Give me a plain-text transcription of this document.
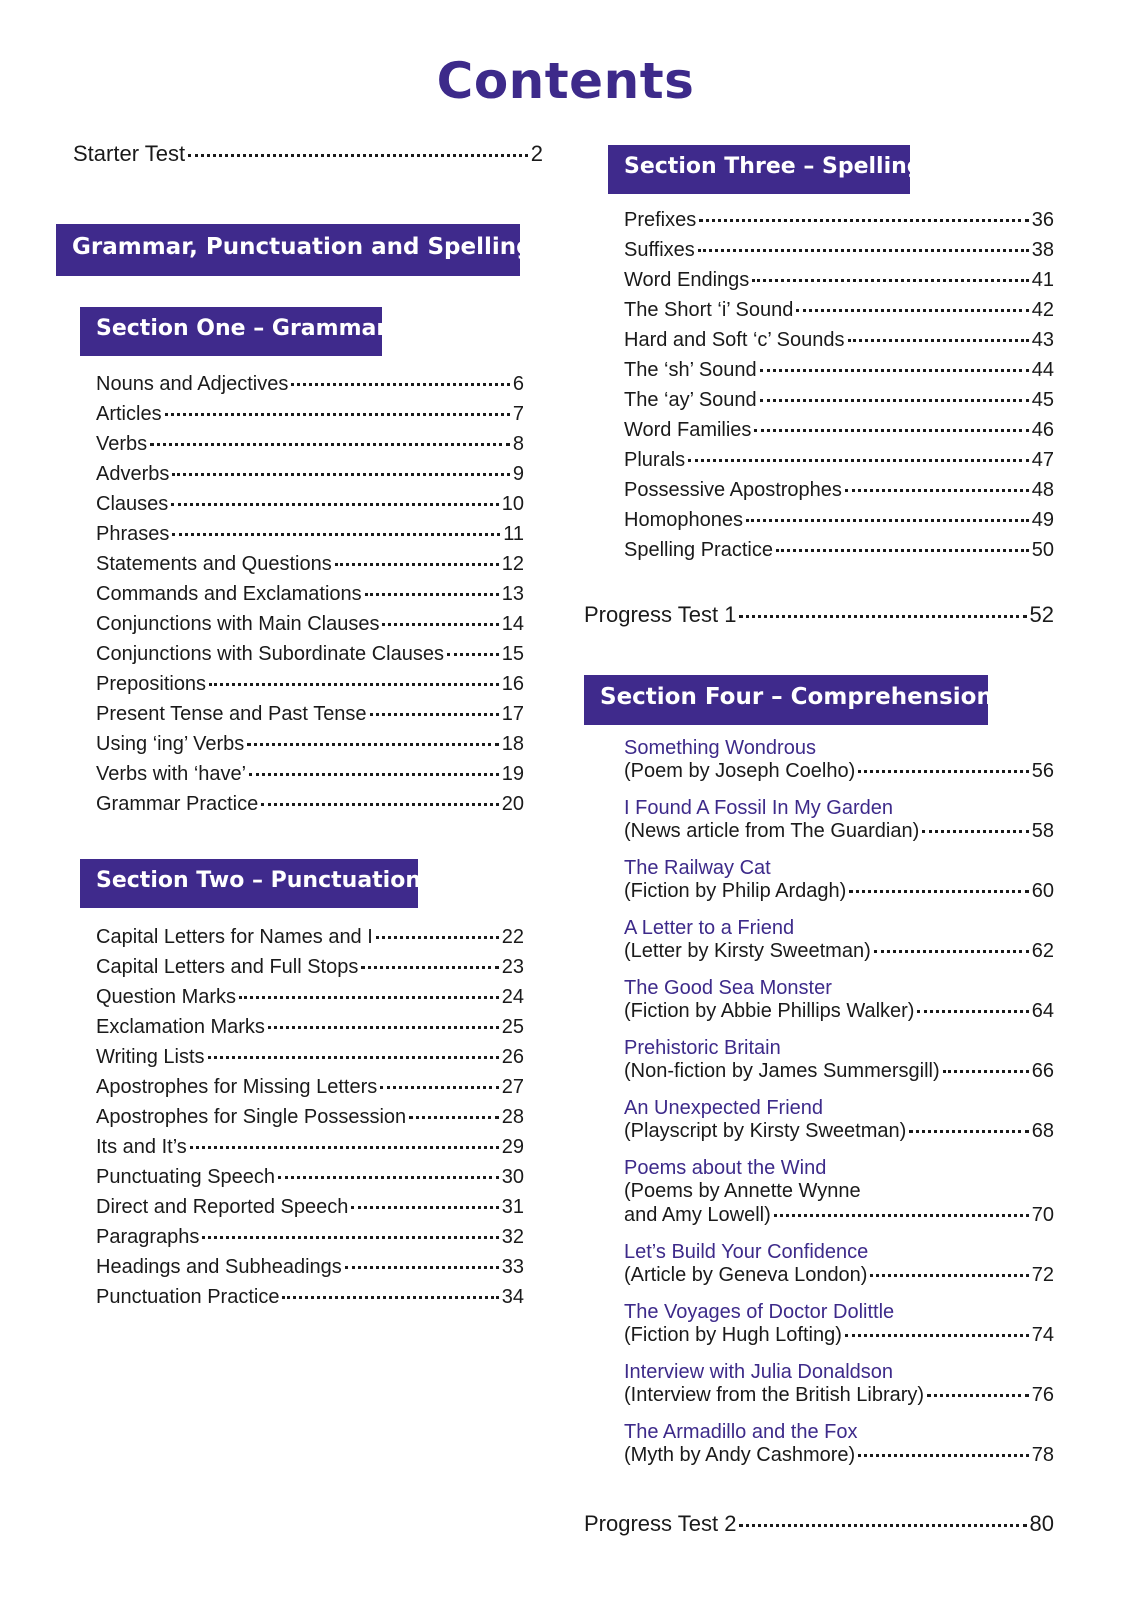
Contents
Starter Test	2
Grammar, Punctuation and Spelling
Section One – Grammar
Nouns and Adjectives	6
Articles	7
Verbs	8
Adverbs	9
Clauses	10
Phrases	11
Statements and Questions	12
Commands and Exclamations	13
Conjunctions with Main Clauses	14
Conjunctions with Subordinate Clauses	15
Prepositions	16
Present Tense and Past Tense	17
Using ‘ing’ Verbs	18
Verbs with ‘have’	19
Grammar Practice	20
Section Two – Punctuation
Capital Letters for Names and I	22
Capital Letters and Full Stops	23
Question Marks	24
Exclamation Marks	25
Writing Lists	26
Apostrophes for Missing Letters	27
Apostrophes for Single Possession	28
Its and It’s	29
Punctuating Speech	30
Direct and Reported Speech	31
Paragraphs	32
Headings and Subheadings	33
Punctuation Practice	34
Section Three – Spelling
Prefixes	36
Suffixes	38
Word Endings	41
The Short ‘i’ Sound	42
Hard and Soft ‘c’ Sounds	43
The ‘sh’ Sound	44
The ‘ay’ Sound	45
Word Families	46
Plurals	47
Possessive Apostrophes	48
Homophones	49
Spelling Practice	50
Progress Test 1	52
Section Four – Comprehension
Something Wondrous
(Poem by Joseph Coelho)	56
I Found A Fossil In My Garden
(News article from The Guardian)	58
The Railway Cat
(Fiction by Philip Ardagh)	60
A Letter to a Friend
(Letter by Kirsty Sweetman)	62
The Good Sea Monster
(Fiction by Abbie Phillips Walker)	64
Prehistoric Britain
(Non-fiction by James Summersgill)	66
An Unexpected Friend
(Playscript by Kirsty Sweetman)	68
Poems about the Wind
(Poems by Annette Wynne
and Amy Lowell)	70
Let’s Build Your Confidence
(Article by Geneva London)	72
The Voyages of Doctor Dolittle
(Fiction by Hugh Lofting)	74
Interview with Julia Donaldson
(Interview from the British Library)	76
The Armadillo and the Fox
(Myth by Andy Cashmore)	78
Progress Test 2	80
